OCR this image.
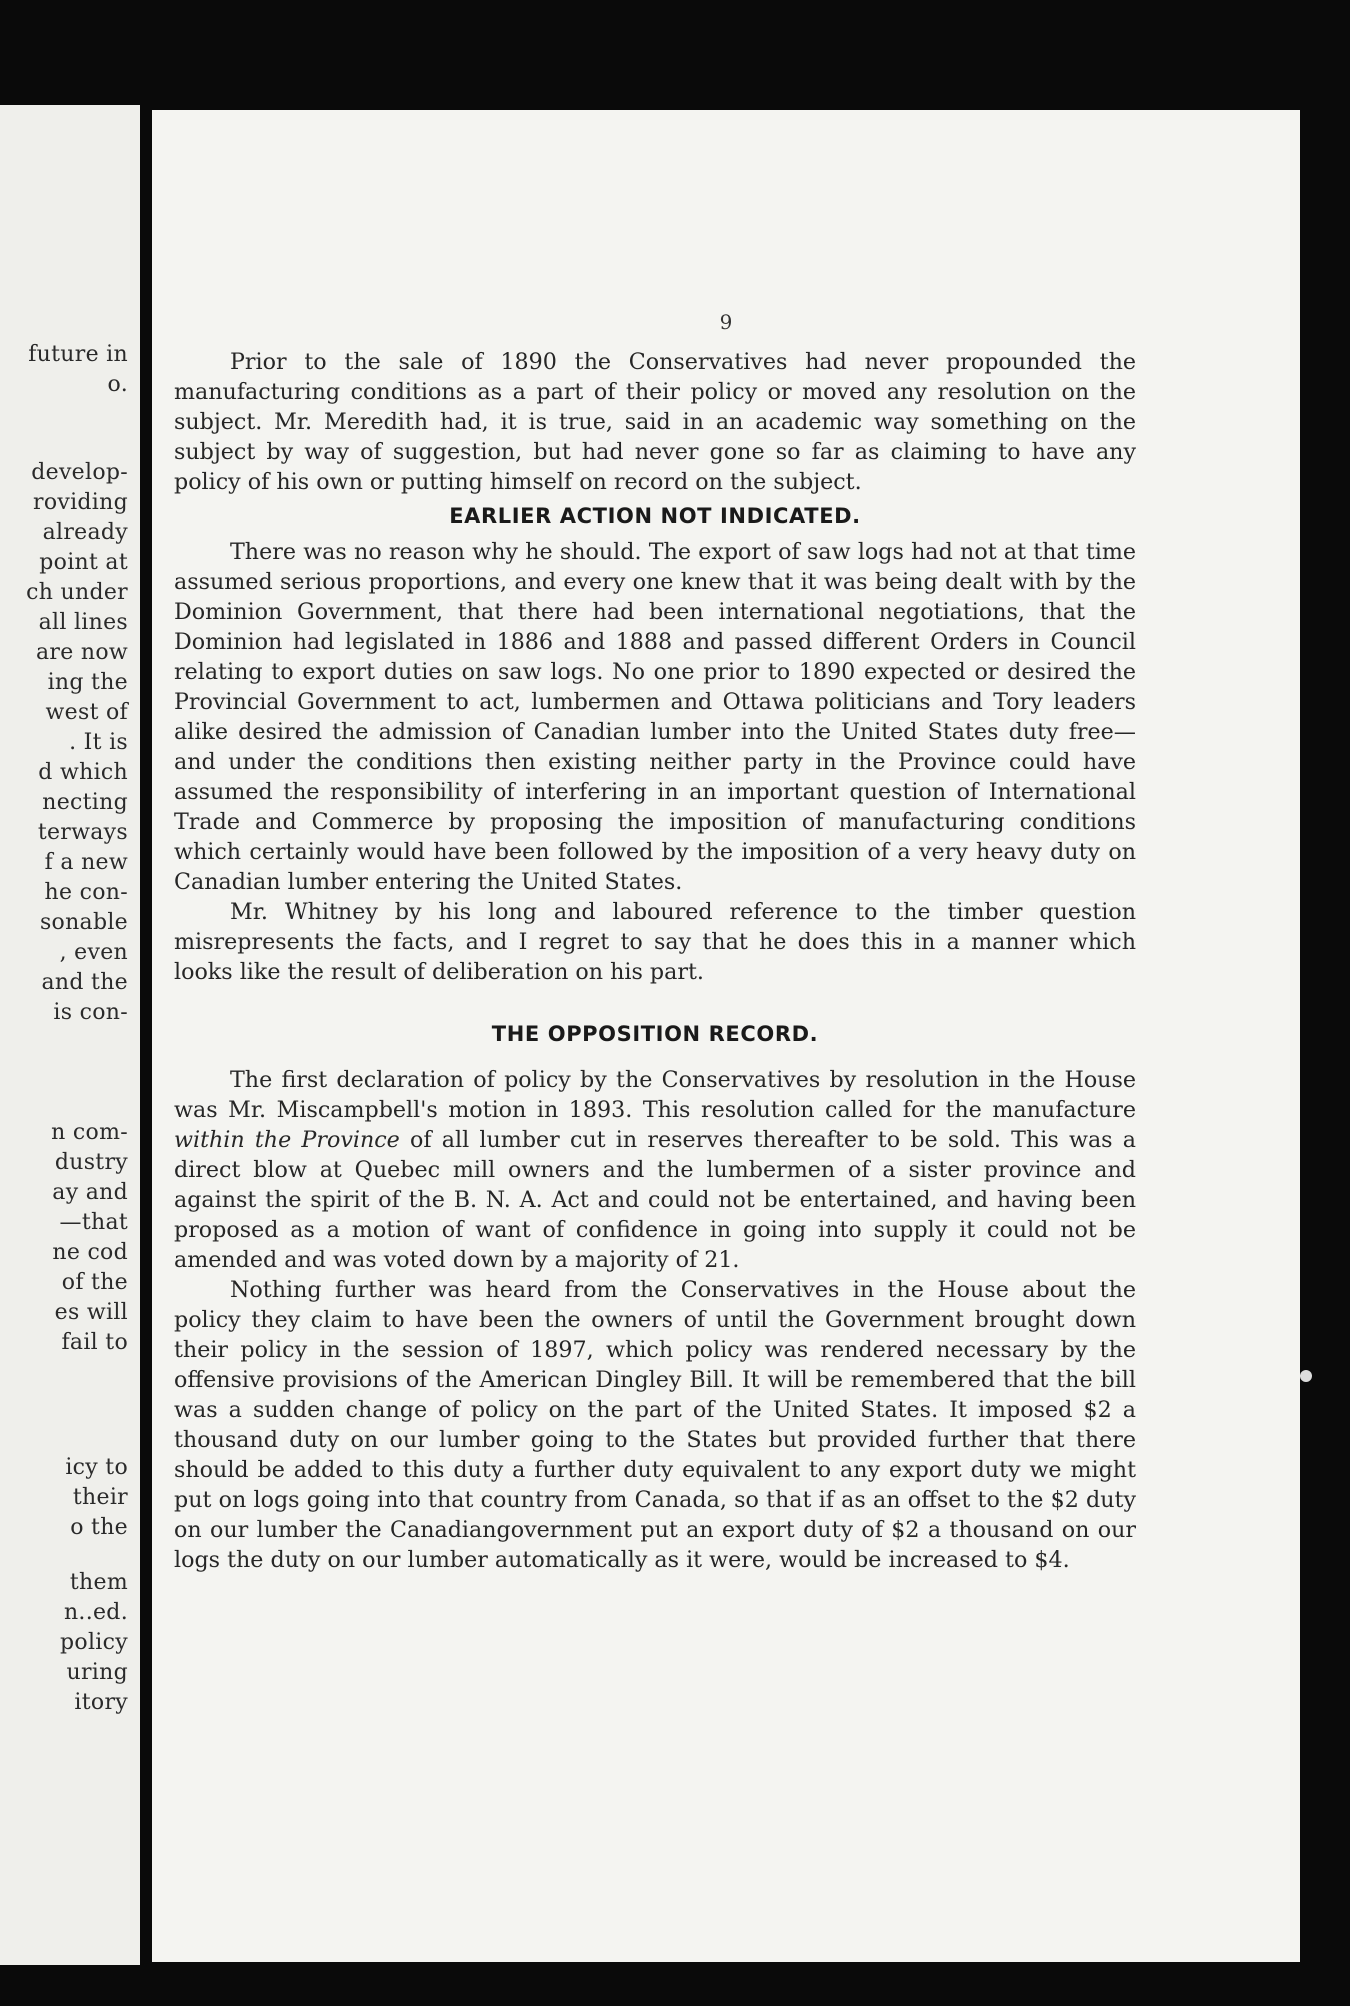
future in
o.
develop-
roviding
already
point at
ch under
all lines
are now
ing the
west of
. It is
d which
necting
terways
f a new
he con-
sonable
, even
and the
is con-
n com-
dustry
ay and
—that
ne cod
of the
es will
fail to
icy to
their
o the
them
n..ed.
policy
uring
itory
9

Prior to the sale of 1890 the Conservatives had never propounded the manufacturing conditions as a part of their policy or moved any resolution on the subject. Mr. Meredith had, it is true, said in an academic way something on the subject by way of suggestion, but had never gone so far as claiming to have any policy of his own or putting himself on record on the subject.

EARLIER ACTION NOT INDICATED.

There was no reason why he should. The export of saw logs had not at that time assumed serious proportions, and every one knew that it was being dealt with by the Dominion Government, that there had been international negotiations, that the Dominion had legislated in 1886 and 1888 and passed different Orders in Council relating to export duties on saw logs. No one prior to 1890 expected or desired the Provincial Government to act, lumbermen and Ottawa politicians and Tory leaders alike desired the admission of Canadian lumber into the United States duty free—and under the conditions then existing neither party in the Province could have assumed the responsibility of interfering in an important question of International Trade and Commerce by proposing the imposition of manufacturing conditions which certainly would have been followed by the imposition of a very heavy duty on Canadian lumber entering the United States.

Mr. Whitney by his long and laboured reference to the timber question misrepresents the facts, and I regret to say that he does this in a manner which looks like the result of deliberation on his part.

THE OPPOSITION RECORD.

The first declaration of policy by the Conservatives by resolution in the House was Mr. Miscampbell's motion in 1893. This resolution called for the manufacture within the Province of all lumber cut in reserves thereafter to be sold. This was a direct blow at Quebec mill owners and the lumbermen of a sister province and against the spirit of the B. N. A. Act and could not be entertained, and having been proposed as a motion of want of confidence in going into supply it could not be amended and was voted down by a majority of 21.

Nothing further was heard from the Conservatives in the House about the policy they claim to have been the owners of until the Government brought down their policy in the session of 1897, which policy was rendered necessary by the offensive provisions of the American Dingley Bill. It will be remembered that the bill was a sudden change of policy on the part of the United States. It imposed $2 a thousand duty on our lumber going to the States but provided further that there should be added to this duty a further duty equivalent to any export duty we might put on logs going into that country from Canada, so that if as an offset to the $2 duty on our lumber the Canadiangovernment put an export duty of $2 a thousand on our logs the duty on our lumber automatically as it were, would be increased to $4.
